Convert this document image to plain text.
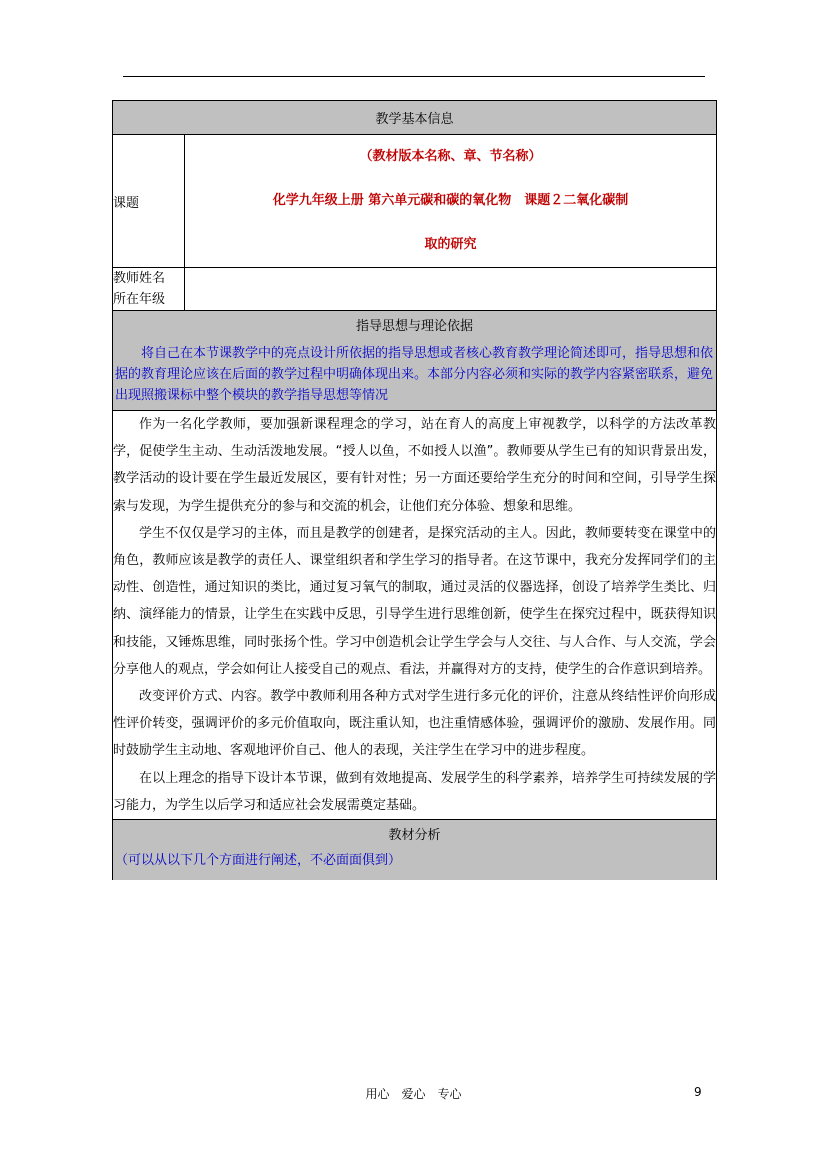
教学基本信息	
课题	（教材版本名称、章、节名称）
化学九年级上册 第六单元碳和碳的氧化物　课题２二氧化碳制
取的研究

教师姓名
所在年级	

指导思想与理论依据
将自己在本节课教学中的亮点设计所依据的指导思想或者核心教育教学理论简述即可，指导思想和依据的教育理论应该在后面的教学过程中明确体现出来。本部分内容必须和实际的教学内容紧密联系，避免出现照搬课标中整个模块的教学指导思想等情况	

作为一名化学教师，要加强新课程理念的学习，站在育人的高度上审视教学，以科学的方法改革教学，促使学生主动、生动活泼地发展。“授人以鱼，不如授人以渔”。教师要从学生已有的知识背景出发，教学活动的设计要在学生最近发展区，要有针对性；另一方面还要给学生充分的时间和空间，引导学生探索与发现，为学生提供充分的参与和交流的机会，让他们充分体验、想象和思维。

学生不仅仅是学习的主体，而且是教学的创建者，是探究活动的主人。因此，教师要转变在课堂中的角色，教师应该是教学的责任人、课堂组织者和学生学习的指导者。在这节课中，我充分发挥同学们的主动性、创造性，通过知识的类比，通过复习氧气的制取，通过灵活的仪器选择，创设了培养学生类比、归纳、演绎能力的情景，让学生在实践中反思，引导学生进行思维创新，使学生在探究过程中，既获得知识和技能，又锤炼思维，同时张扬个性。学习中创造机会让学生学会与人交往、与人合作、与人交流，学会分享他人的观点，学会如何让人接受自己的观点、看法，并赢得对方的支持，使学生的合作意识到培养。

改变评价方式、内容。教学中教师利用各种方式对学生进行多元化的评价，注意从终结性评价向形成性评价转变，强调评价的多元价值取向，既注重认知，也注重情感体验，强调评价的激励、发展作用。同时鼓励学生主动地、客观地评价自己、他人的表现，关注学生在学习中的进步程度。

在以上理念的指导下设计本节课，做到有效地提高、发展学生的科学素养，培养学生可持续发展的学习能力，为学生以后学习和适应社会发展需奠定基础。	

教材分析
（可以从以下几个方面进行阐述，不必面面俱到）	
用心　爱心　专心	9
